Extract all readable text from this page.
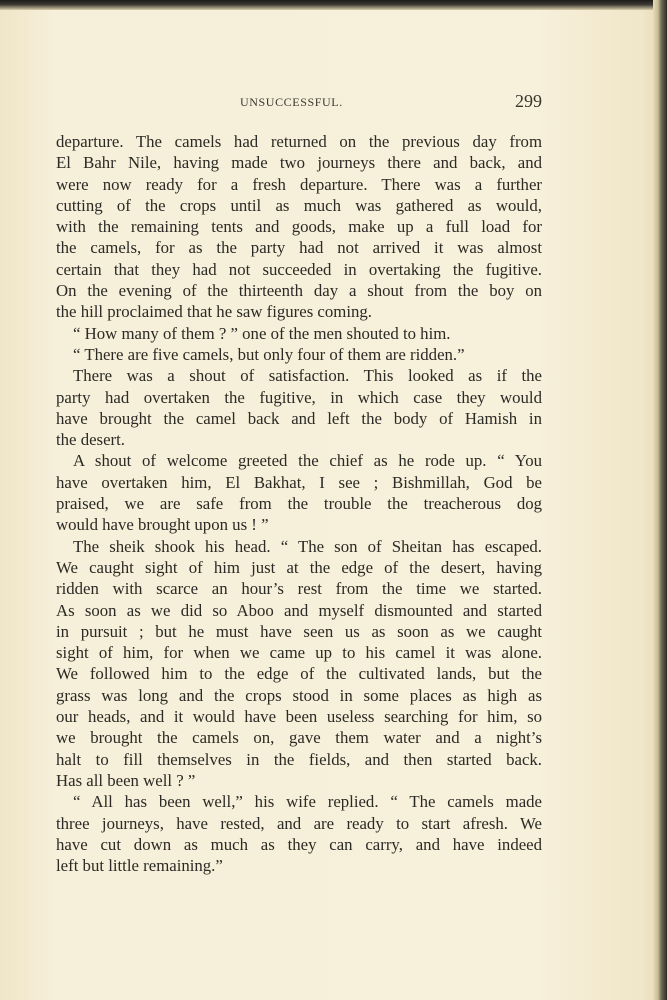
UNSUCCESSFUL.	299
departure. The camels had returned on the previous day from
El Bahr Nile, having made two journeys there and back, and
were now ready for a fresh departure. There was a further
cutting of the crops until as much was gathered as would,
with the remaining tents and goods, make up a full load for
the camels, for as the party had not arrived it was almost
certain that they had not succeeded in overtaking the fugitive.
On the evening of the thirteenth day a shout from the boy on
the hill proclaimed that he saw figures coming.
“ How many of them ? ” one of the men shouted to him.
“ There are five camels, but only four of them are ridden.”
There was a shout of satisfaction. This looked as if the
party had overtaken the fugitive, in which case they would
have brought the camel back and left the body of Hamish in
the desert.
A shout of welcome greeted the chief as he rode up. “ You
have overtaken him, El Bakhat, I see ; Bishmillah, God be
praised, we are safe from the trouble the treacherous dog
would have brought upon us ! ”
The sheik shook his head. “ The son of Sheitan has escaped.
We caught sight of him just at the edge of the desert, having
ridden with scarce an hour’s rest from the time we started.
As soon as we did so Aboo and myself dismounted and started
in pursuit ; but he must have seen us as soon as we caught
sight of him, for when we came up to his camel it was alone.
We followed him to the edge of the cultivated lands, but the
grass was long and the crops stood in some places as high as
our heads, and it would have been useless searching for him, so
we brought the camels on, gave them water and a night’s
halt to fill themselves in the fields, and then started back.
Has all been well ? ”
“ All has been well,” his wife replied. “ The camels made
three journeys, have rested, and are ready to start afresh. We
have cut down as much as they can carry, and have indeed
left but little remaining.”
